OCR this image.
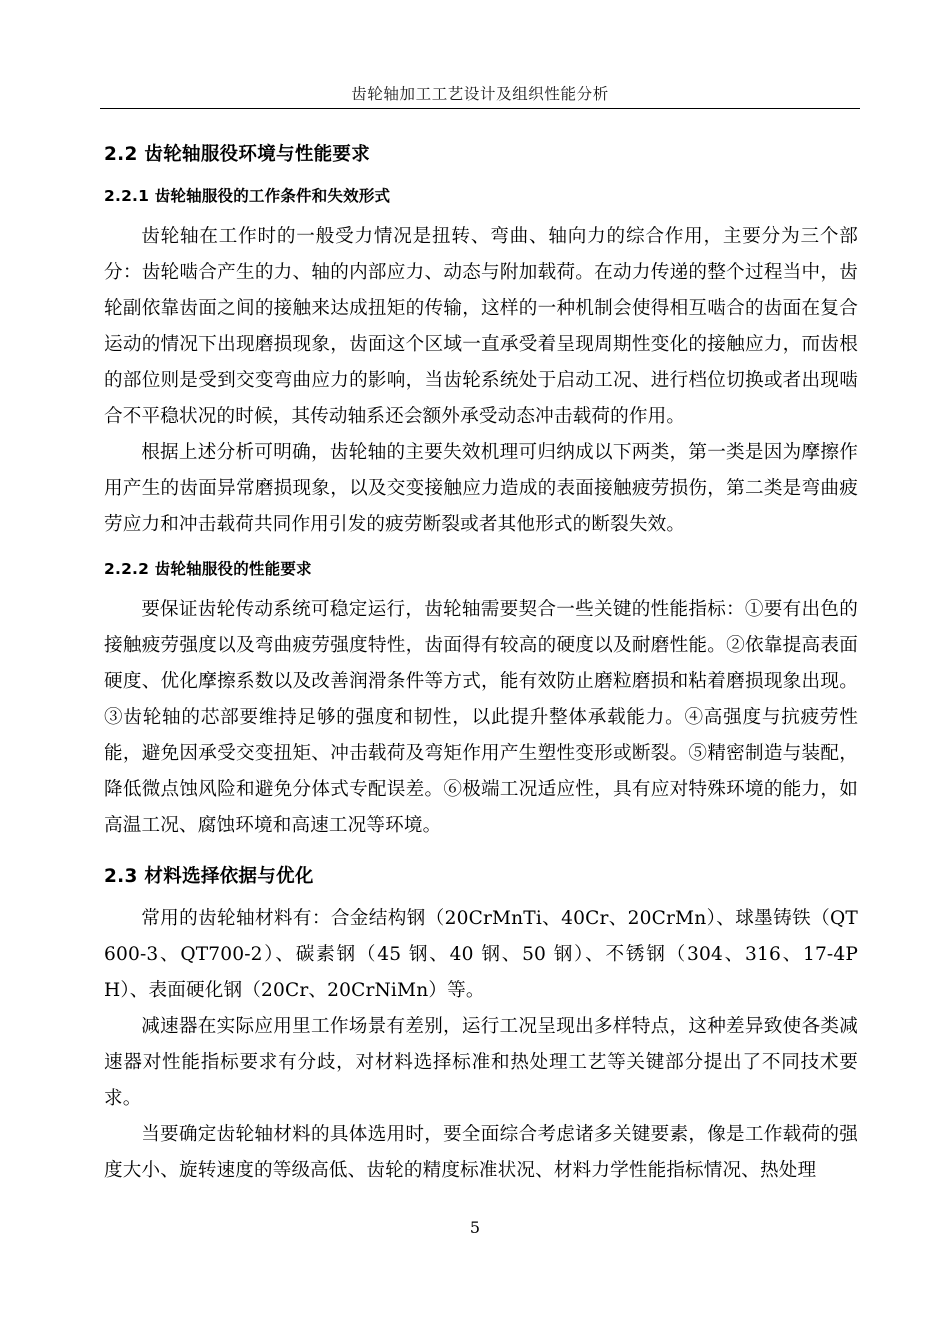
齿轮轴加工工艺设计及组织性能分析
2.2 齿轮轴服役环境与性能要求
2.2.1 齿轮轴服役的工作条件和失效形式

齿轮轴在工作时的一般受力情况是扭转、弯曲、轴向力的综合作用，主要分为三个部分：齿轮啮合产生的力、轴的内部应力、动态与附加载荷。在动力传递的整个过程当中，齿轮副依靠齿面之间的接触来达成扭矩的传输，这样的一种机制会使得相互啮合的齿面在复合运动的情况下出现磨损现象，齿面这个区域一直承受着呈现周期性变化的接触应力，而齿根的部位则是受到交变弯曲应力的影响，当齿轮系统处于启动工况、进行档位切换或者出现啮合不平稳状况的时候，其传动轴系还会额外承受动态冲击载荷的作用。

根据上述分析可明确，齿轮轴的主要失效机理可归纳成以下两类，第一类是因为摩擦作用产生的齿面异常磨损现象，以及交变接触应力造成的表面接触疲劳损伤，第二类是弯曲疲劳应力和冲击载荷共同作用引发的疲劳断裂或者其他形式的断裂失效。

2.2.2 齿轮轴服役的性能要求

要保证齿轮传动系统可稳定运行，齿轮轴需要契合一些关键的性能指标：①要有出色的接触疲劳强度以及弯曲疲劳强度特性，齿面得有较高的硬度以及耐磨性能。②依靠提高表面硬度、优化摩擦系数以及改善润滑条件等方式，能有效防止磨粒磨损和粘着磨损现象出现。③齿轮轴的芯部要维持足够的强度和韧性，以此提升整体承载能力。④高强度与抗疲劳性能，避免因承受交变扭矩、冲击载荷及弯矩作用产生塑性变形或断裂。⑤精密制造与装配，降低微点蚀风险和避免分体式专配误差。⑥极端工况适应性，具有应对特殊环境的能力，如高温工况、腐蚀环境和高速工况等环境。

2.3 材料选择依据与优化

常用的齿轮轴材料有：合金结构钢（20CrMnTi、40Cr、20CrMn）、球墨铸铁（QT600-3、QT700-2）、碳素钢（45 钢、40 钢、50 钢）、不锈钢（304、316、17-4PH）、表面硬化钢（20Cr、20CrNiMn）等。

减速器在实际应用里工作场景有差别，运行工况呈现出多样特点，这种差异致使各类减速器对性能指标要求有分歧，对材料选择标准和热处理工艺等关键部分提出了不同技术要求。

当要确定齿轮轴材料的具体选用时，要全面综合考虑诸多关键要素，像是工作载荷的强度大小、旋转速度的等级高低、齿轮的精度标准状况、材料力学性能指标情况、热处理

5
